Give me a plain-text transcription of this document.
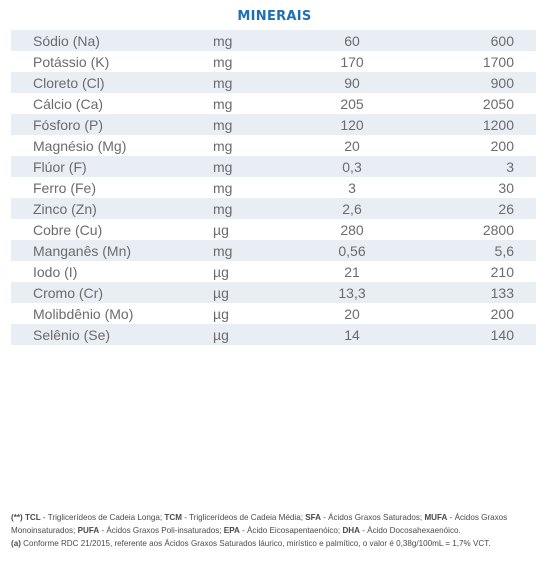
MINERAIS
Sódio (Na)	mg	60	600
Potássio (K)	mg	170	1700
Cloreto (Cl)	mg	90	900
Cálcio (Ca)	mg	205	2050
Fósforo (P)	mg	120	1200
Magnésio (Mg)	mg	20	200
Flúor (F)	mg	0,3	3
Ferro (Fe)	mg	3	30
Zinco (Zn)	mg	2,6	26
Cobre (Cu)	µg	280	2800
Manganês (Mn)	mg	0,56	5,6
Iodo (I)	µg	21	210
Cromo (Cr)	µg	13,3	133
Molibdênio (Mo)	µg	20	200
Selênio (Se)	µg	14	140
(**) TCL - Triglicerídeos de Cadeia Longa; TCM - Triglicerídeos de Cadeia Média; SFA - Ácidos Graxos Saturados; MUFA - Ácidos Graxos Monoinsaturados; PUFA - Ácidos Graxos Poli-insaturados; EPA - Ácido Eicosapentaenóico; DHA - Ácido Docosahexaenóico.
(a) Conforme RDC 21/2015, referente aos Ácidos Graxos Saturados láurico, mirístico e palmítico, o valor é 0,38g/100mL = 1,7% VCT.
